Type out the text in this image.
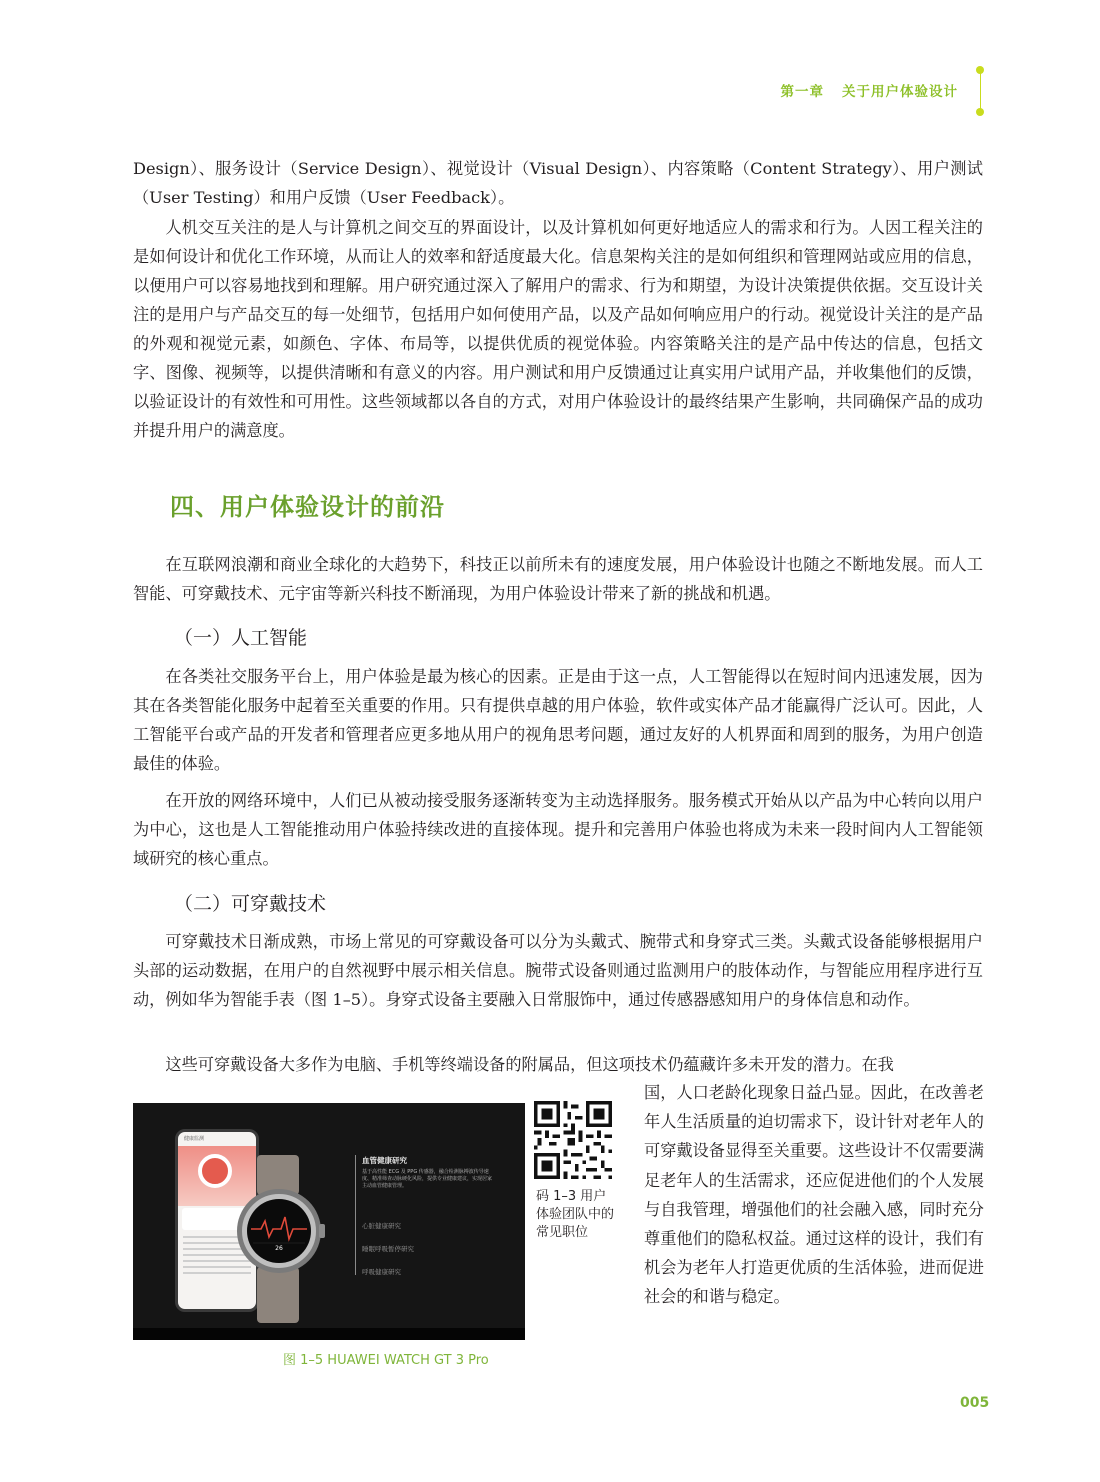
第一章 关于用户体验设计

Design）、服务设计（Service Design）、视觉设计（Visual Design）、内容策略（Content Strategy）、用户测试（User Testing）和用户反馈（User Feedback）。

人机交互关注的是人与计算机之间交互的界面设计，以及计算机如何更好地适应人的需求和行为。人因工程关注的是如何设计和优化工作环境，从而让人的效率和舒适度最大化。信息架构关注的是如何组织和管理网站或应用的信息，以便用户可以容易地找到和理解。用户研究通过深入了解用户的需求、行为和期望，为设计决策提供依据。交互设计关注的是用户与产品交互的每一处细节，包括用户如何使用产品，以及产品如何响应用户的行动。视觉设计关注的是产品的外观和视觉元素，如颜色、字体、布局等，以提供优质的视觉体验。内容策略关注的是产品中传达的信息，包括文字、图像、视频等，以提供清晰和有意义的内容。用户测试和用户反馈通过让真实用户试用产品，并收集他们的反馈，以验证设计的有效性和可用性。这些领域都以各自的方式，对用户体验设计的最终结果产生影响，共同确保产品的成功并提升用户的满意度。

四、用户体验设计的前沿

在互联网浪潮和商业全球化的大趋势下，科技正以前所未有的速度发展，用户体验设计也随之不断地发展。而人工智能、可穿戴技术、元宇宙等新兴科技不断涌现，为用户体验设计带来了新的挑战和机遇。

（一）人工智能

在各类社交服务平台上，用户体验是最为核心的因素。正是由于这一点，人工智能得以在短时间内迅速发展，因为其在各类智能化服务中起着至关重要的作用。只有提供卓越的用户体验，软件或实体产品才能赢得广泛认可。因此，人工智能平台或产品的开发者和管理者应更多地从用户的视角思考问题，通过友好的人机界面和周到的服务，为用户创造最佳的体验。

在开放的网络环境中，人们已从被动接受服务逐渐转变为主动选择服务。服务模式开始从以产品为中心转向以用户为中心，这也是人工智能推动用户体验持续改进的直接体现。提升和完善用户体验也将成为未来一段时间内人工智能领域研究的核心重点。

（二）可穿戴技术

可穿戴技术日渐成熟，市场上常见的可穿戴设备可以分为头戴式、腕带式和身穿式三类。头戴式设备能够根据用户头部的运动数据，在用户的自然视野中展示相关信息。腕带式设备则通过监测用户的肢体动作，与智能应用程序进行互动，例如华为智能手表（图 1–5）。身穿式设备主要融入日常服饰中，通过传感器感知用户的身体信息和动作。

这些可穿戴设备大多作为电脑、手机等终端设备的附属品，但这项技术仍蕴藏许多未开发的潜力。在我

健康监测
26
血管健康研究
基于高性能 ECG 及 PPG 传感器，融合检测脉搏波传导速度、精准筛查动脉硬化风险，提供专业健康建议，实现居家主动血管健康管理。
心脏健康研究
睡眠呼吸暂停研究
呼吸健康研究
图 1–5 HUAWEI WATCH GT 3 Pro
码 1–3 用户体验团队中的常见职位

国，人口老龄化现象日益凸显。因此，在改善老年人生活质量的迫切需求下，设计针对老年人的可穿戴设备显得至关重要。这些设计不仅需要满足老年人的生活需求，还应促进他们的个人发展与自我管理，增强他们的社会融入感，同时充分尊重他们的隐私权益。通过这样的设计，我们有机会为老年人打造更优质的生活体验，进而促进社会的和谐与稳定。

005
